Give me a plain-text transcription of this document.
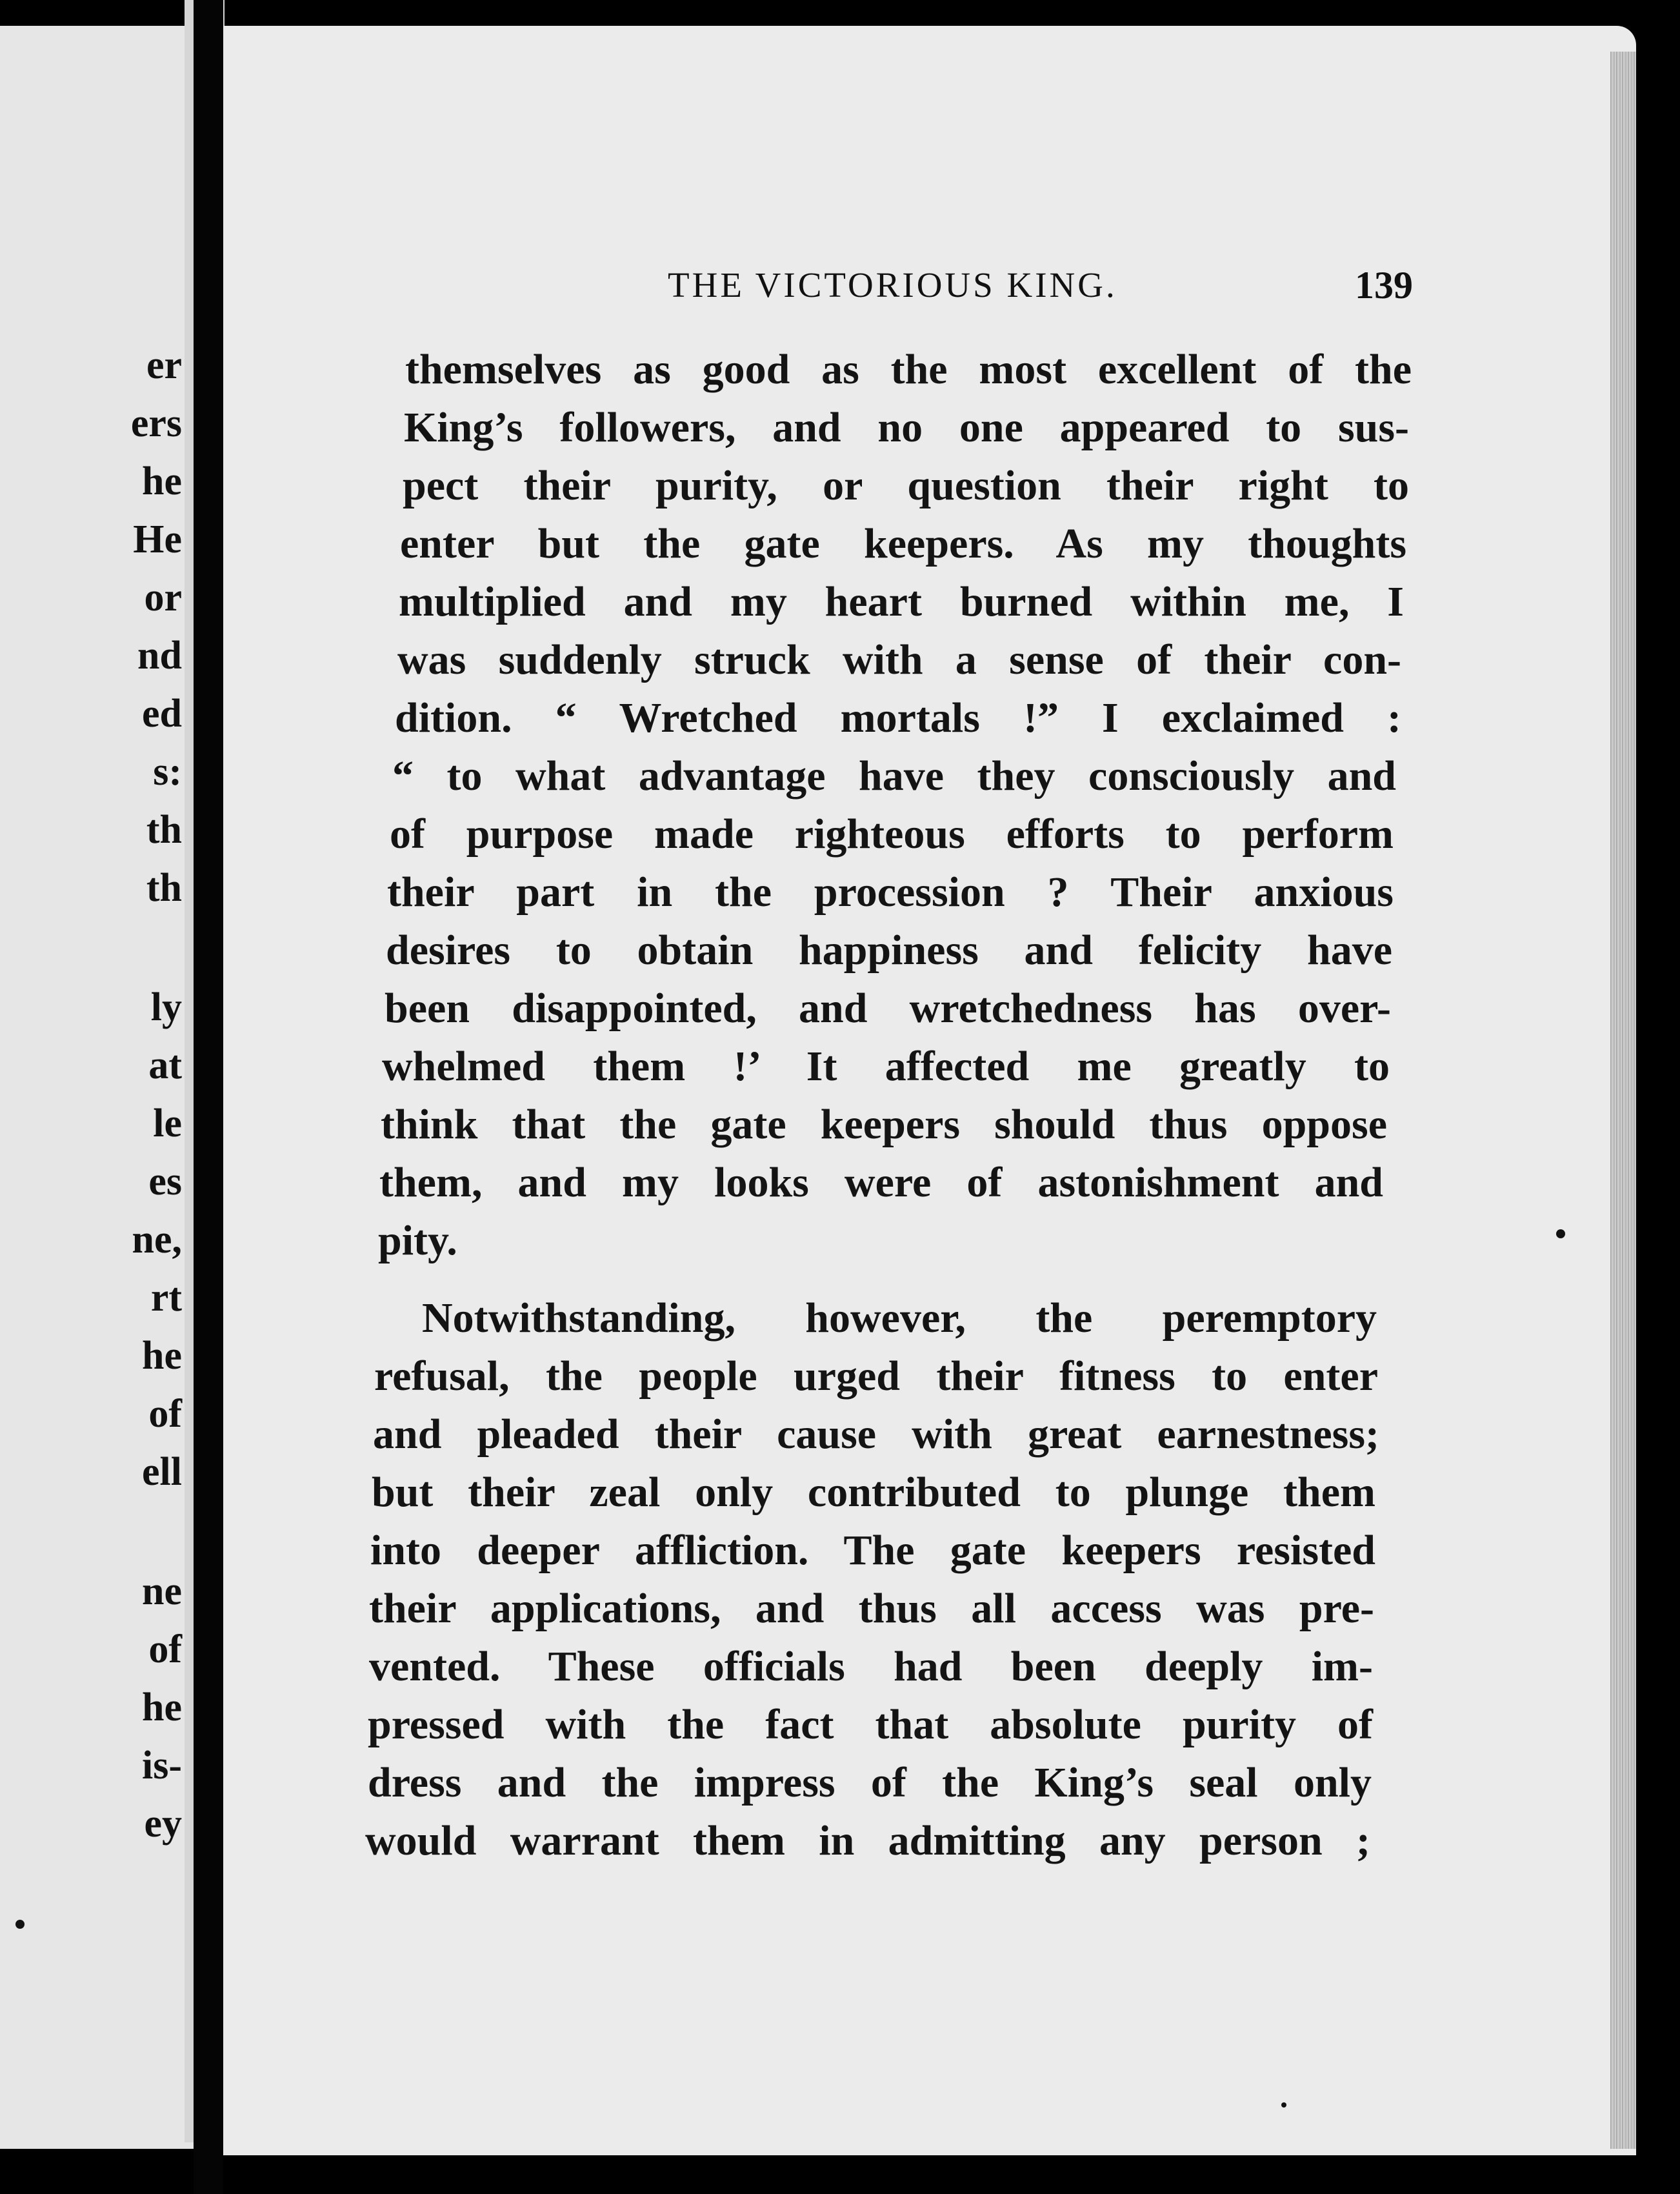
er
ers
he
He
or
nd
ed
s:
th
th
ly
at
le
es
ne,
rt
he
of
ell
ne
of
he
is-
ey
THE VICTORIOUS KING.	139
themselves as good as the most excellent of the
King’s followers, and no one appeared to sus-
pect their purity, or question their right to
enter but the gate keepers. As my thoughts
multiplied and my heart burned within me, I
was suddenly struck with a sense of their con-
dition. “ Wretched mortals !” I exclaimed :
“ to what advantage have they consciously and
of purpose made righteous efforts to perform
their part in the procession ? Their anxious
desires to obtain happiness and felicity have
been disappointed, and wretchedness has over-
whelmed them !’ It affected me greatly to
think that the gate keepers should thus oppose
them, and my looks were of astonishment and
pity.
Notwithstanding, however, the peremptory
refusal, the people urged their fitness to enter
and pleaded their cause with great earnestness;
but their zeal only contributed to plunge them
into deeper affliction. The gate keepers resisted
their applications, and thus all access was pre-
vented. These officials had been deeply im-
pressed with the fact that absolute purity of
dress and the impress of the King’s seal only
would warrant them in admitting any person ;
